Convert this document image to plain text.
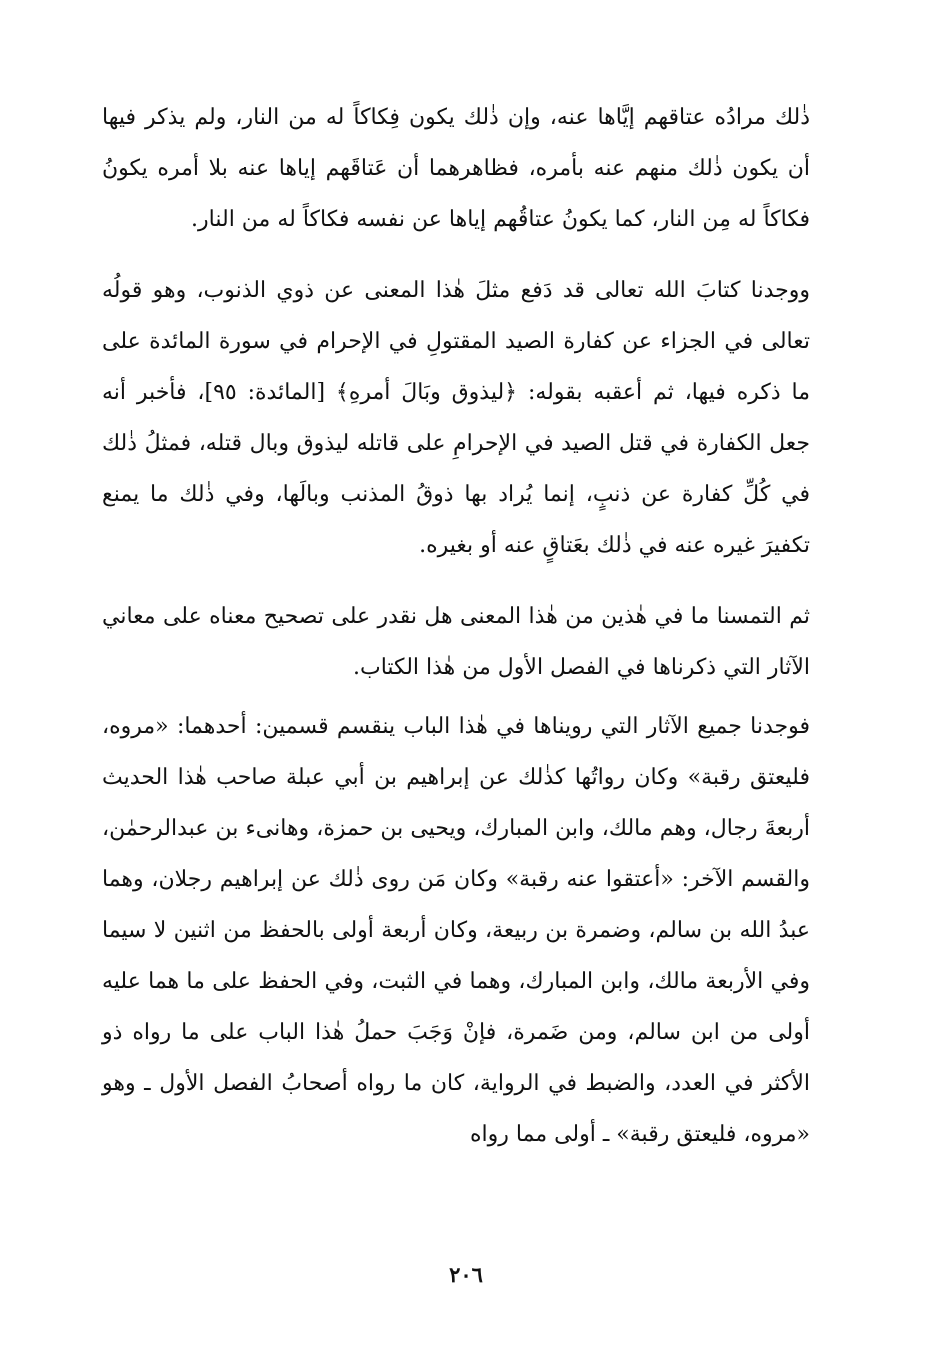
ذٰلك مرادُه عتاقهم إيَّاها عنه، وإن ذٰلك يكون فِكاكاً له من النار، ولم يذكر فيها أن يكون ذٰلك منهم عنه بأمره، فظاهرهما أن عَتاقَهم إياها عنه بلا أمره يكونُ فكاكاً له مِن النار، كما يكونُ عتاقُهم إياها عن نفسه فكاكاً له من النار.

ووجدنا كتابَ الله تعالى قد دَفع مثلَ هٰذا المعنى عن ذوي الذنوب، وهو قولُه تعالى في الجزاء عن كفارة الصيد المقتولِ في الإحرام في سورة المائدة على ما ذكره فيها، ثم أعقبه بقوله: ﴿ليذوق وبَالَ أمرهِ﴾ [المائدة: ٩٥]، فأخبر أنه جعل الكفارة في قتل الصيد في الإحرامِ على قاتله ليذوق وبال قتله، فمثلُ ذٰلك في كُلِّ كفارة عن ذنبٍ، إنما يُراد بها ذوقُ المذنب وبالَها، وفي ذٰلك ما يمنع تكفيرَ غيره عنه في ذٰلك بعَتاقٍ عنه أو بغيره.

ثم التمسنا ما في هٰذين من هٰذا المعنى هل نقدر على تصحيح معناه على معاني الآثار التي ذكرناها في الفصل الأول من هٰذا الكتاب.

فوجدنا جميع الآثار التي رويناها في هٰذا الباب ينقسم قسمين: أحدهما: «مروه، فليعتق رقبة» وكان رواتُها كذٰلك عن إبراهيم بن أبي عبلة صاحب هٰذا الحديث أربعةَ رجال، وهم مالك، وابن المبارك، ويحيى بن حمزة، وهانىء بن عبدالرحمٰن، والقسم الآخر: «أعتقوا عنه رقبة» وكان مَن روى ذٰلك عن إبراهيم رجلان، وهما عبدُ الله بن سالم، وضمرة بن ربيعة، وكان أربعة أولى بالحفظ من اثنين لا سيما وفي الأربعة مالك، وابن المبارك، وهما في الثبت، وفي الحفظ على ما هما عليه أولى من ابن سالم، ومن ضَمرة، فإنْ وَجَبَ حملُ هٰذا الباب على ما رواه ذو الأكثر في العدد، والضبط في الرواية، كان ما رواه أصحابُ الفصل الأول ـ وهو «مروه، فليعتق رقبة» ـ أولى مما رواه

٢٠٦
